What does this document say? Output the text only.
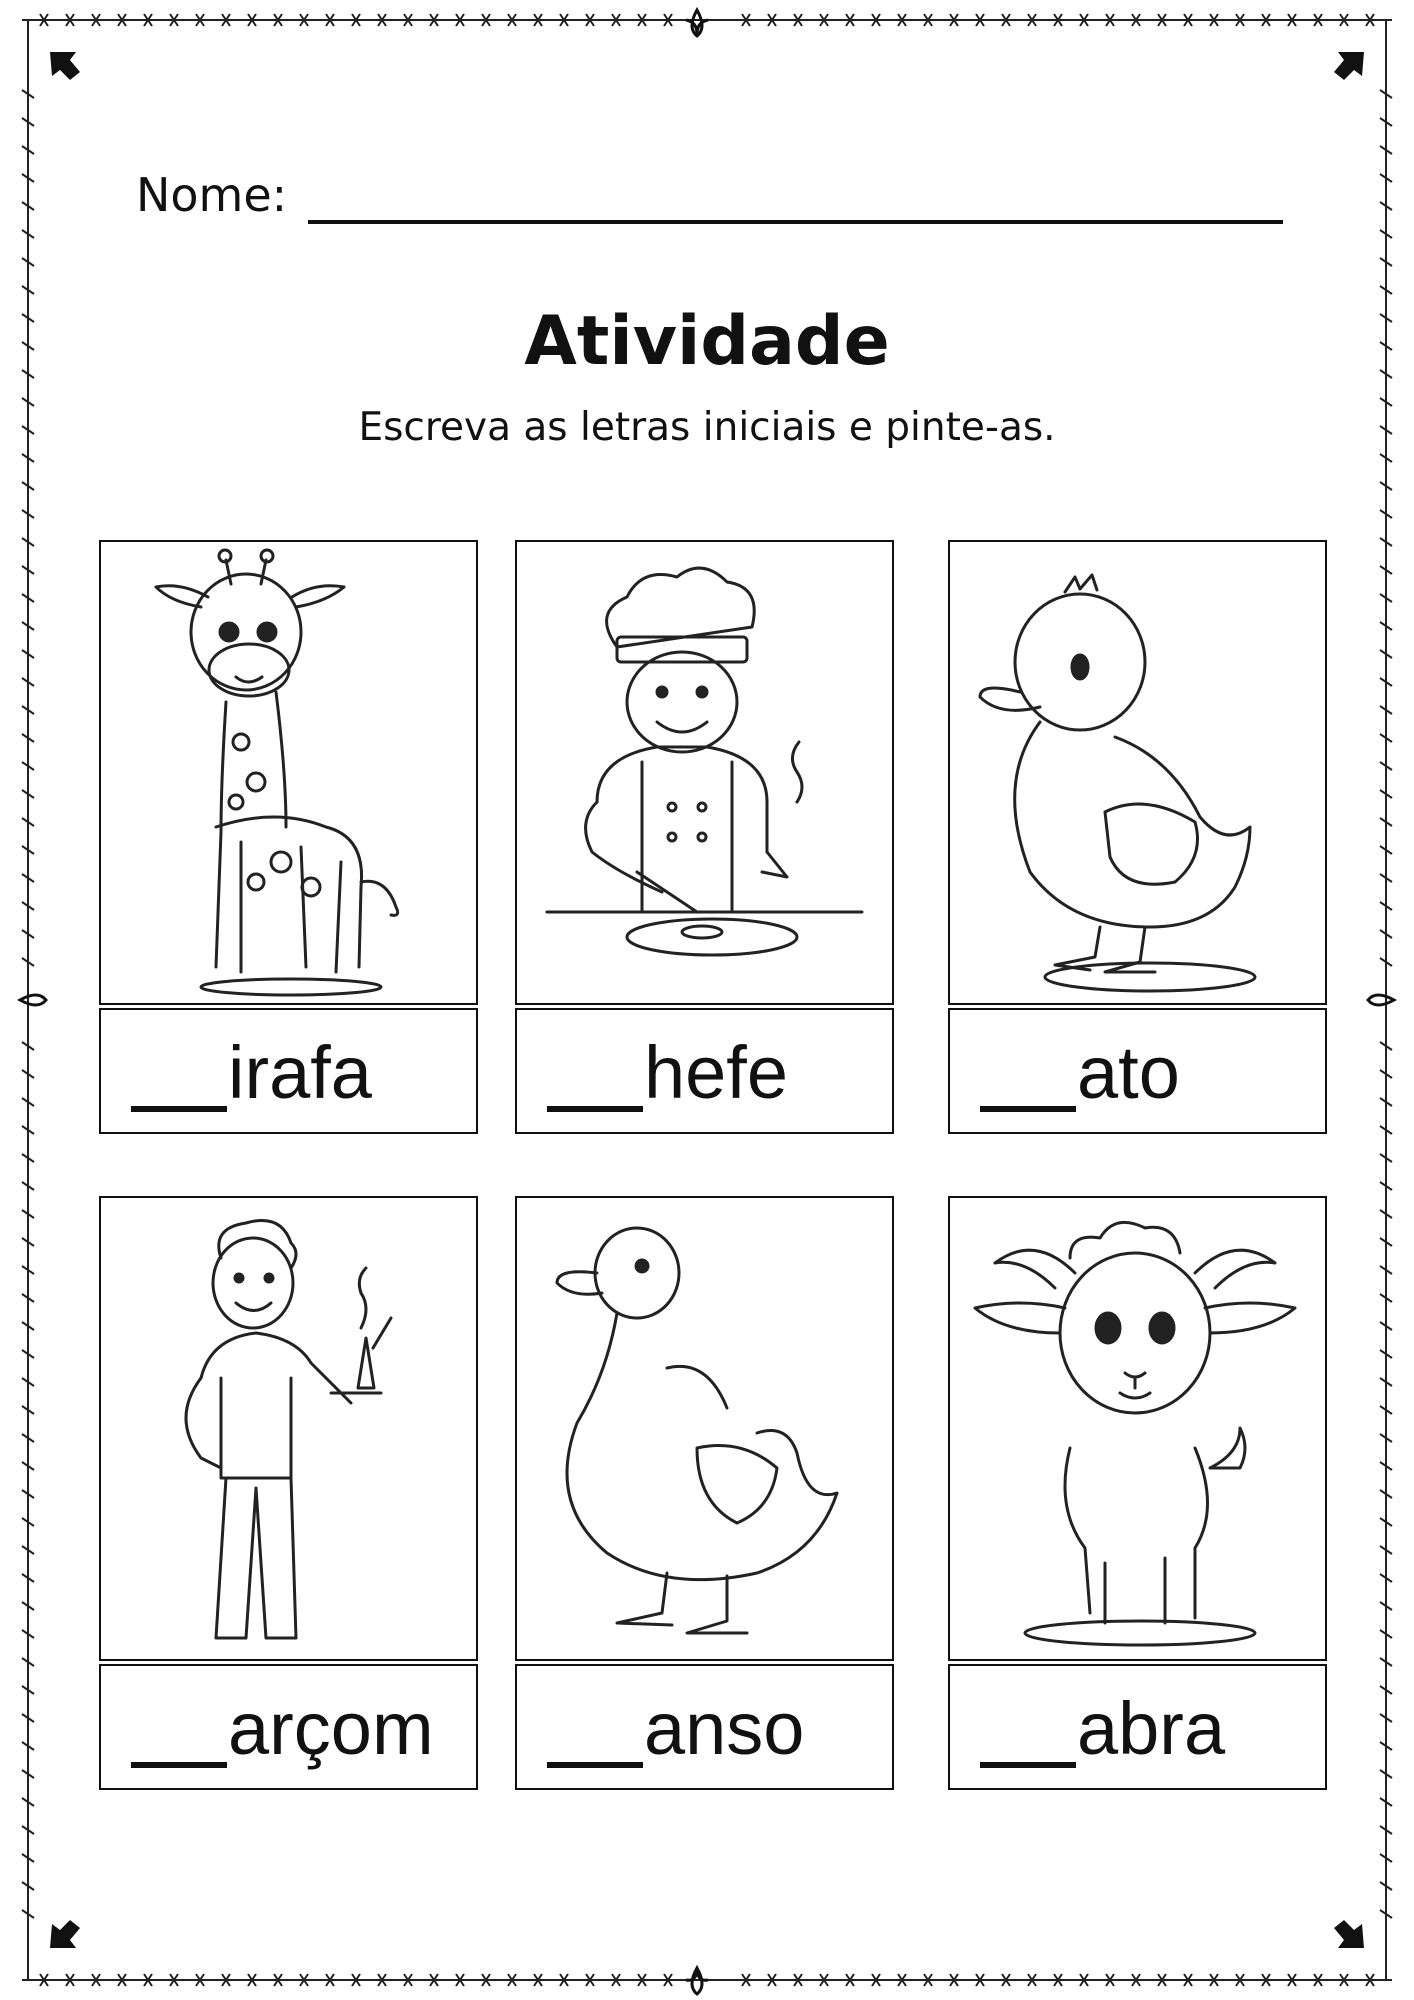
Nome:
Atividade
Escreva as letras iniciais e pinte-as.
irafa	hefe	ato
arçom	anso	abra
